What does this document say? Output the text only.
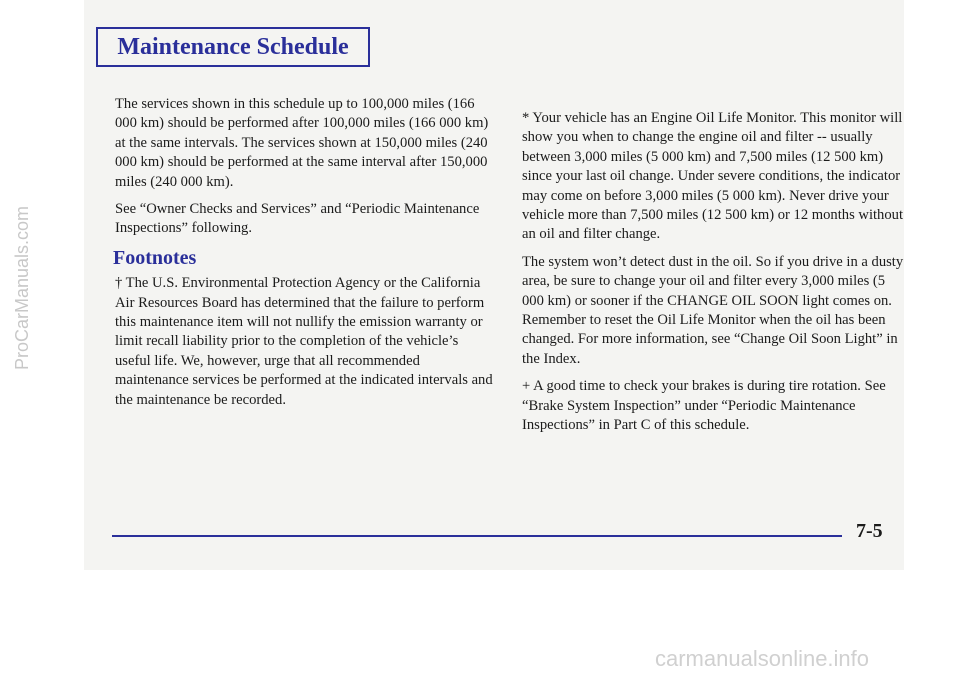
Maintenance Schedule

The services shown in this schedule up to 100,000 miles (166 000 km) should be performed after 100,000 miles (166 000 km) at the same intervals. The services shown at 150,000 miles (240 000 km) should be performed at the same interval after 150,000 miles (240 000 km).

See “Owner Checks and Services” and “Periodic Maintenance Inspections” following.

Footnotes

† The U.S. Environmental Protection Agency or the California Air Resources Board has determined that the failure to perform this maintenance item will not nullify the emission warranty or limit recall liability prior to the completion of the vehicle’s useful life. We, however, urge that all recommended maintenance services be performed at the indicated intervals and the maintenance be recorded.

* Your vehicle has an Engine Oil Life Monitor. This monitor will show you when to change the engine oil and filter -- usually between 3,000 miles (5 000 km) and 7,500 miles (12 500 km) since your last oil change. Under severe conditions, the indicator may come on before 3,000 miles (5 000 km). Never drive your vehicle more than 7,500 miles (12 500 km) or 12 months without an oil and filter change.

The system won’t detect dust in the oil. So if you drive in a dusty area, be sure to change your oil and filter every 3,000 miles (5 000 km) or sooner if the CHANGE OIL SOON light comes on. Remember to reset the Oil Life Monitor when the oil has been changed. For more information, see “Change Oil Soon Light” in the Index.

+ A good time to check your brakes is during tire rotation. See “Brake System Inspection” under “Periodic Maintenance Inspections” in Part C of this schedule.

7-5
ProCarManuals.com
carmanualsonline.info
